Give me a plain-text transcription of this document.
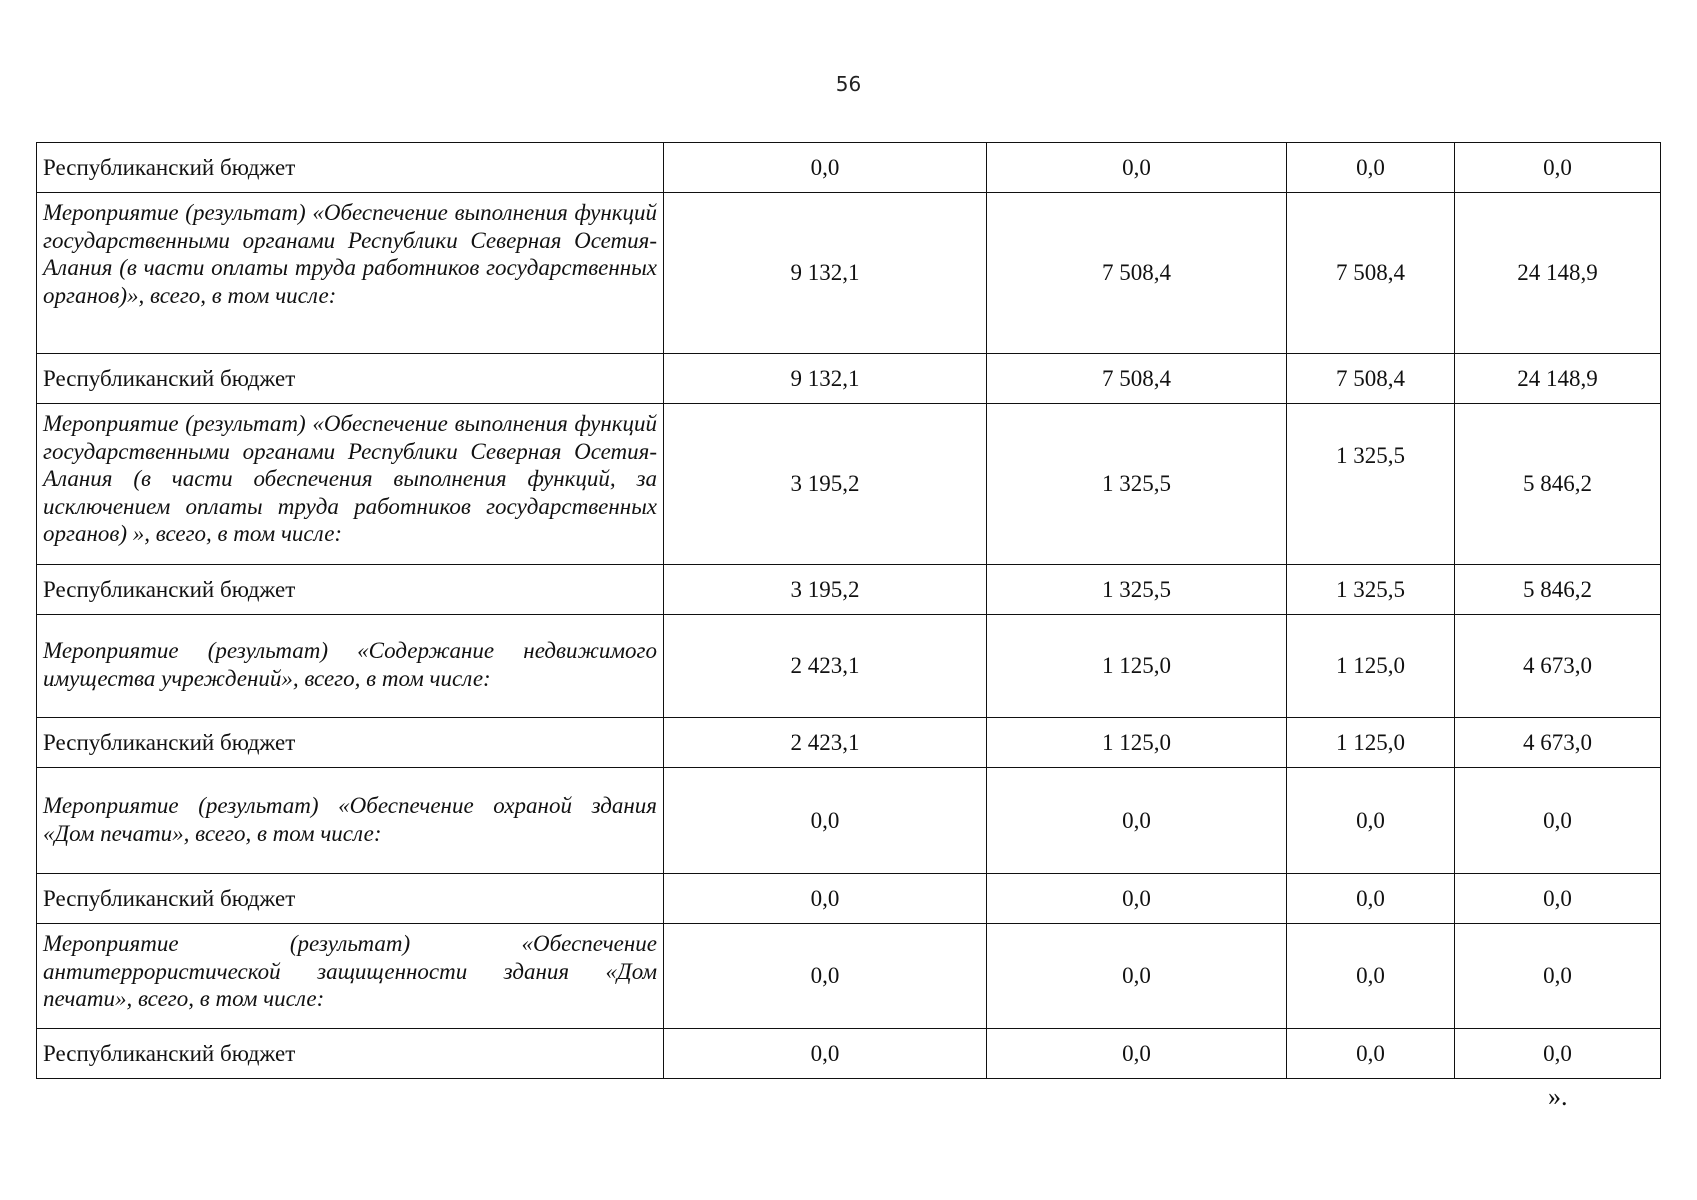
56
Республиканский бюджет	0,0	0,0	0,0	0,0
Мероприятие (результат) «Обеспечение выполнения функций государственными органами Республики Северная Осетия-Алания (в части оплаты труда работников государственных органов)», всего, в том числе:	9 132,1	7 508,4	7 508,4	24 148,9
Республиканский бюджет	9 132,1	7 508,4	7 508,4	24 148,9
Мероприятие (результат) «Обеспечение выполнения функций государственными органами Республики Северная Осетия-Алания (в части обеспечения выполнения функций, за исключением оплаты труда работников государственных органов) », всего, в том числе:	3 195,2	1 325,5	1 325,5	5 846,2
Республиканский бюджет	3 195,2	1 325,5	1 325,5	5 846,2
Мероприятие (результат) «Содержание недвижимого имущества учреждений», всего, в том числе:	2 423,1	1 125,0	1 125,0	4 673,0
Республиканский бюджет	2 423,1	1 125,0	1 125,0	4 673,0
Мероприятие (результат) «Обеспечение охраной здания «Дом печати», всего, в том числе:	0,0	0,0	0,0	0,0
Республиканский бюджет	0,0	0,0	0,0	0,0
Мероприятие (результат) «Обеспечение антитеррористической защищенности здания «Дом печати», всего, в том числе:	0,0	0,0	0,0	0,0
Республиканский бюджет	0,0	0,0	0,0	0,0
».
